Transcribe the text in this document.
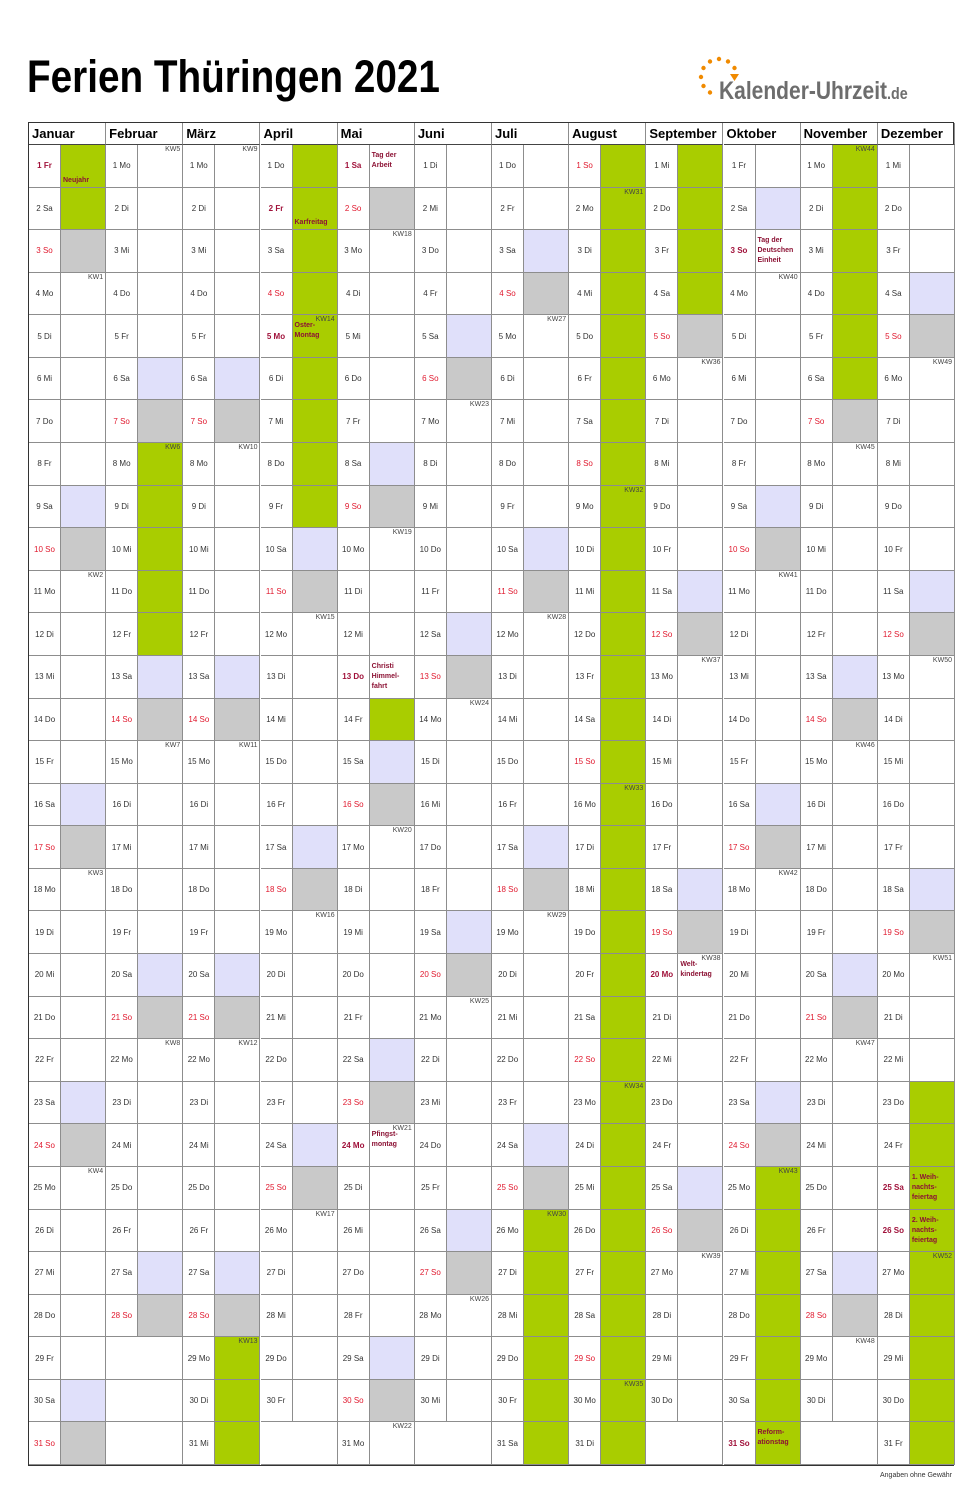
Ferien Thüringen 2021	Kalender-Uhrzeit.de
Januar
1 Fr
Neujahr
2 Sa
3 So
4 Mo
KW1
5 Di
6 Mi
7 Do
8 Fr
9 Sa
10 So
11 Mo
KW2
12 Di
13 Mi
14 Do
15 Fr
16 Sa
17 So
18 Mo
KW3
19 Di
20 Mi
21 Do
22 Fr
23 Sa
24 So
25 Mo
KW4
26 Di
27 Mi
28 Do
29 Fr
30 Sa
31 So
Februar
1 Mo
KW5
2 Di
3 Mi
4 Do
5 Fr
6 Sa
7 So
8 Mo
KW6
9 Di
10 Mi
11 Do
12 Fr
13 Sa
14 So
15 Mo
KW7
16 Di
17 Mi
18 Do
19 Fr
20 Sa
21 So
22 Mo
KW8
23 Di
24 Mi
25 Do
26 Fr
27 Sa
28 So
März
1 Mo
KW9
2 Di
3 Mi
4 Do
5 Fr
6 Sa
7 So
8 Mo
KW10
9 Di
10 Mi
11 Do
12 Fr
13 Sa
14 So
15 Mo
KW11
16 Di
17 Mi
18 Do
19 Fr
20 Sa
21 So
22 Mo
KW12
23 Di
24 Mi
25 Do
26 Fr
27 Sa
28 So
29 Mo
KW13
30 Di
31 Mi
April
1 Do
2 Fr
Karfreitag
3 Sa
4 So
5 Mo
KW14
Oster-
Montag
6 Di
7 Mi
8 Do
9 Fr
10 Sa
11 So
12 Mo
KW15
13 Di
14 Mi
15 Do
16 Fr
17 Sa
18 So
19 Mo
KW16
20 Di
21 Mi
22 Do
23 Fr
24 Sa
25 So
26 Mo
KW17
27 Di
28 Mi
29 Do
30 Fr
Mai
1 Sa
Tag der
Arbeit
2 So
3 Mo
KW18
4 Di
5 Mi
6 Do
7 Fr
8 Sa
9 So
10 Mo
KW19
11 Di
12 Mi
13 Do
Christi
Himmel-
fahrt
14 Fr
15 Sa
16 So
17 Mo
KW20
18 Di
19 Mi
20 Do
21 Fr
22 Sa
23 So
24 Mo
KW21
Pfingst-
montag
25 Di
26 Mi
27 Do
28 Fr
29 Sa
30 So
31 Mo
KW22
Juni
1 Di
2 Mi
3 Do
4 Fr
5 Sa
6 So
7 Mo
KW23
8 Di
9 Mi
10 Do
11 Fr
12 Sa
13 So
14 Mo
KW24
15 Di
16 Mi
17 Do
18 Fr
19 Sa
20 So
21 Mo
KW25
22 Di
23 Mi
24 Do
25 Fr
26 Sa
27 So
28 Mo
KW26
29 Di
30 Mi
Juli
1 Do
2 Fr
3 Sa
4 So
5 Mo
KW27
6 Di
7 Mi
8 Do
9 Fr
10 Sa
11 So
12 Mo
KW28
13 Di
14 Mi
15 Do
16 Fr
17 Sa
18 So
19 Mo
KW29
20 Di
21 Mi
22 Do
23 Fr
24 Sa
25 So
26 Mo
KW30
27 Di
28 Mi
29 Do
30 Fr
31 Sa
August
1 So
2 Mo
KW31
3 Di
4 Mi
5 Do
6 Fr
7 Sa
8 So
9 Mo
KW32
10 Di
11 Mi
12 Do
13 Fr
14 Sa
15 So
16 Mo
KW33
17 Di
18 Mi
19 Do
20 Fr
21 Sa
22 So
23 Mo
KW34
24 Di
25 Mi
26 Do
27 Fr
28 Sa
29 So
30 Mo
KW35
31 Di
September
1 Mi
2 Do
3 Fr
4 Sa
5 So
6 Mo
KW36
7 Di
8 Mi
9 Do
10 Fr
11 Sa
12 So
13 Mo
KW37
14 Di
15 Mi
16 Do
17 Fr
18 Sa
19 So
20 Mo
KW38
Welt-
kindertag
21 Di
22 Mi
23 Do
24 Fr
25 Sa
26 So
27 Mo
KW39
28 Di
29 Mi
30 Do
Oktober
1 Fr
2 Sa
3 So
Tag der
Deutschen
Einheit
4 Mo
KW40
5 Di
6 Mi
7 Do
8 Fr
9 Sa
10 So
11 Mo
KW41
12 Di
13 Mi
14 Do
15 Fr
16 Sa
17 So
18 Mo
KW42
19 Di
20 Mi
21 Do
22 Fr
23 Sa
24 So
25 Mo
KW43
26 Di
27 Mi
28 Do
29 Fr
30 Sa
31 So
Reform-
ationstag
November
1 Mo
KW44
2 Di
3 Mi
4 Do
5 Fr
6 Sa
7 So
8 Mo
KW45
9 Di
10 Mi
11 Do
12 Fr
13 Sa
14 So
15 Mo
KW46
16 Di
17 Mi
18 Do
19 Fr
20 Sa
21 So
22 Mo
KW47
23 Di
24 Mi
25 Do
26 Fr
27 Sa
28 So
29 Mo
KW48
30 Di
Dezember
1 Mi
2 Do
3 Fr
4 Sa
5 So
6 Mo
KW49
7 Di
8 Mi
9 Do
10 Fr
11 Sa
12 So
13 Mo
KW50
14 Di
15 Mi
16 Do
17 Fr
18 Sa
19 So
20 Mo
KW51
21 Di
22 Mi
23 Do
24 Fr
25 Sa
1. Weih-
nachts-
feiertag
26 So
2. Weih-
nachts-
feiertag
27 Mo
KW52
28 Di
29 Mi
30 Do
31 Fr
Angaben ohne Gewähr
